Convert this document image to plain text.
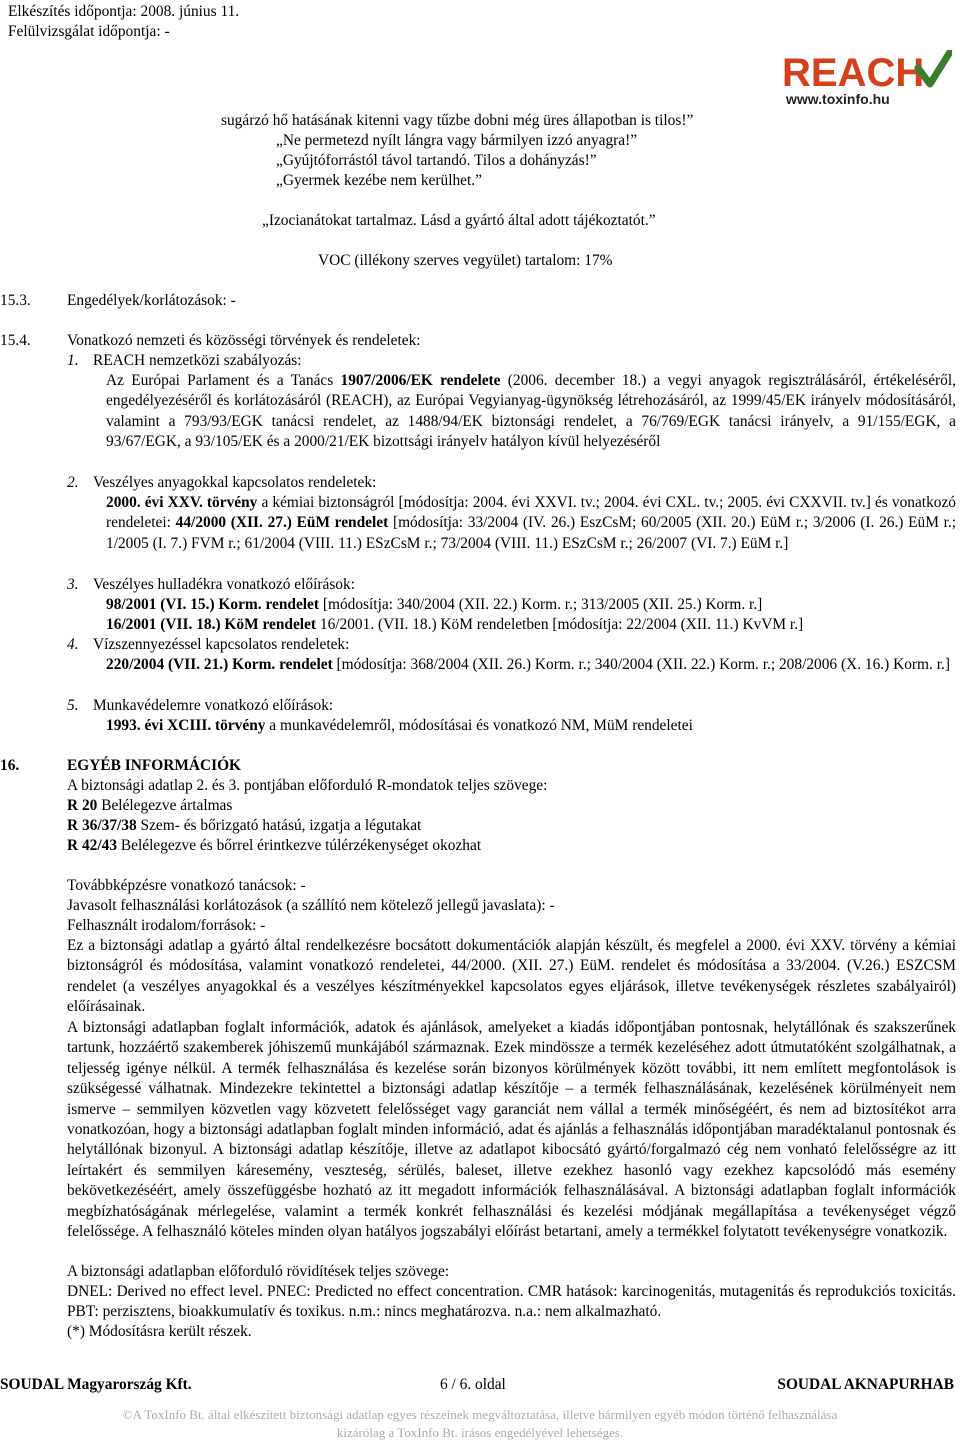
Elkészítés időpontja: 2008. június 11.
Felülvizsgálat időpontja: -
REACH
www.toxinfo.hu
sugárzó hő hatásának kitenni vagy tűzbe dobni még üres állapotban is tilos!”
„Ne permetezd nyílt lángra vagy bármilyen izzó anyagra!”
„Gyújtóforrástól távol tartandó. Tilos a dohányzás!”
„Gyermek kezébe nem kerülhet.”
„Izocianátokat tartalmaz. Lásd a gyártó által adott tájékoztatót.”
VOC (illékony szerves vegyület) tartalom: 17%
15.3. Engedélyek/korlátozások: -
15.4. Vonatkozó nemzeti és közösségi törvények és rendeletek:
1. REACH nemzetközi szabályozás:

Az Európai Parlament és a Tanács 1907/2006/EK rendelete (2006. december 18.) a vegyi anyagok regisztrálásáról, értékeléséről, engedélyezéséről és korlátozásáról (REACH), az Európai Vegyianyag-ügynökség létrehozásáról, az 1999/45/EK irányelv módosításáról, valamint a 793/93/EGK tanácsi rendelet, az 1488/94/EK biztonsági rendelet, a 76/769/EGK tanácsi irányelv, a 91/155/EGK, a 93/67/EGK, a 93/105/EK és a 2000/21/EK bizottsági irányelv hatályon kívül helyezéséről

2. Veszélyes anyagokkal kapcsolatos rendeletek:

2000. évi XXV. törvény a kémiai biztonságról [módosítja: 2004. évi XXVI. tv.; 2004. évi CXL. tv.; 2005. évi CXXVII. tv.] és vonatkozó rendeletei: 44/2000 (XII. 27.) EüM rendelet [módosítja: 33/2004 (IV. 26.) EszCsM; 60/2005 (XII. 20.) EüM r.; 3/2006 (I. 26.) EüM r.; 1/2005 (I. 7.) FVM r.; 61/2004 (VIII. 11.) ESzCsM r.; 73/2004 (VIII. 11.) ESzCsM r.; 26/2007 (VI. 7.) EüM r.]

3. Veszélyes hulladékra vonatkozó előírások:

98/2001 (VI. 15.) Korm. rendelet [módosítja: 340/2004 (XII. 22.) Korm. r.; 313/2005 (XII. 25.) Korm. r.]

16/2001 (VII. 18.) KöM rendelet 16/2001. (VII. 18.) KöM rendeletben [módosítja: 22/2004 (XII. 11.) KvVM r.]

4. Vízszennyezéssel kapcsolatos rendeletek:

220/2004 (VII. 21.) Korm. rendelet [módosítja: 368/2004 (XII. 26.) Korm. r.; 340/2004 (XII. 22.) Korm. r.; 208/2006 (X. 16.) Korm. r.]

5. Munkavédelemre vonatkozó előírások:

1993. évi XCIII. törvény a munkavédelemről, módosításai és vonatkozó NM, MüM rendeletei

16.	EGYÉB INFORMÁCIÓK
A biztonsági adatlap 2. és 3. pontjában előforduló R-mondatok teljes szövege:
R 20 Belélegezve ártalmas
R 36/37/38 Szem- és bőrizgató hatású, izgatja a légutakat
R 42/43 Belélegezve és bőrrel érintkezve túlérzékenységet okozhat
Továbbképzésre vonatkozó tanácsok: -
Javasolt felhasználási korlátozások (a szállító nem kötelező jellegű javaslata): -
Felhasznált irodalom/források: -

Ez a biztonsági adatlap a gyártó által rendelkezésre bocsátott dokumentációk alapján készült, és megfelel a 2000. évi XXV. törvény a kémiai biztonságról és módosítása, valamint vonatkozó rendeletei, 44/2000. (XII. 27.) EüM. rendelet és módosítása a 33/2004. (V.26.) ESZCSM rendelet (a veszélyes anyagokkal és a veszélyes készítményekkel kapcsolatos egyes eljárások, illetve tevékenységek részletes szabályairól) előírásainak.

A biztonsági adatlapban foglalt információk, adatok és ajánlások, amelyeket a kiadás időpontjában pontosnak, helytállónak és szakszerűnek tartunk, hozzáértő szakemberek jóhiszemű munkájából származnak. Ezek mindössze a termék kezeléséhez adott útmutatóként szolgálhatnak, a teljesség igénye nélkül. A termék felhasználása és kezelése során bizonyos körülmények között további, itt nem említett megfontolások is szükségessé válhatnak. Mindezekre tekintettel a biztonsági adatlap készítője – a termék felhasználásának, kezelésének körülményeit nem ismerve – semmilyen közvetlen vagy közvetett felelősséget vagy garanciát nem vállal a termék minőségéért, és nem ad biztosítékot arra vonatkozóan, hogy a biztonsági adatlapban foglalt minden információ, adat és ajánlás a felhasználás időpontjában maradéktalanul pontosnak és helytállónak bizonyul. A biztonsági adatlap készítője, illetve az adatlapot kibocsátó gyártó/forgalmazó cég nem vonható felelősségre az itt leírtakért és semmilyen káresemény, veszteség, sérülés, baleset, illetve ezekhez hasonló vagy ezekhez kapcsolódó más esemény bekövetkezéséért, amely összefüggésbe hozható az itt megadott információk felhasználásával. A biztonsági adatlapban foglalt információk megbízhatóságának mérlegelése, valamint a termék konkrét felhasználási és kezelési módjának megállapítása a tevékenységet végző felelőssége. A felhasználó köteles minden olyan hatályos jogszabályi előírást betartani, amely a termékkel folytatott tevékenységre vonatkozik.

A biztonsági adatlapban előforduló rövidítések teljes szövege:

DNEL: Derived no effect level. PNEC: Predicted no effect concentration. CMR hatások: karcinogenitás, mutagenitás és reprodukciós toxicitás. PBT: perzisztens, bioakkumulatív és toxikus. n.m.: nincs meghatározva. n.a.: nem alkalmazható.

(*) Módosításra került részek.
SOUDAL Magyarország Kft.	6 / 6. oldal	SOUDAL AKNAPURHAB
©A ToxInfo Bt. által elkészített biztonsági adatlap egyes részeinek megváltoztatása, illetve bármilyen egyéb módon történő felhasználása
kizárólag a ToxInfo Bt. írásos engedélyével lehetséges.
